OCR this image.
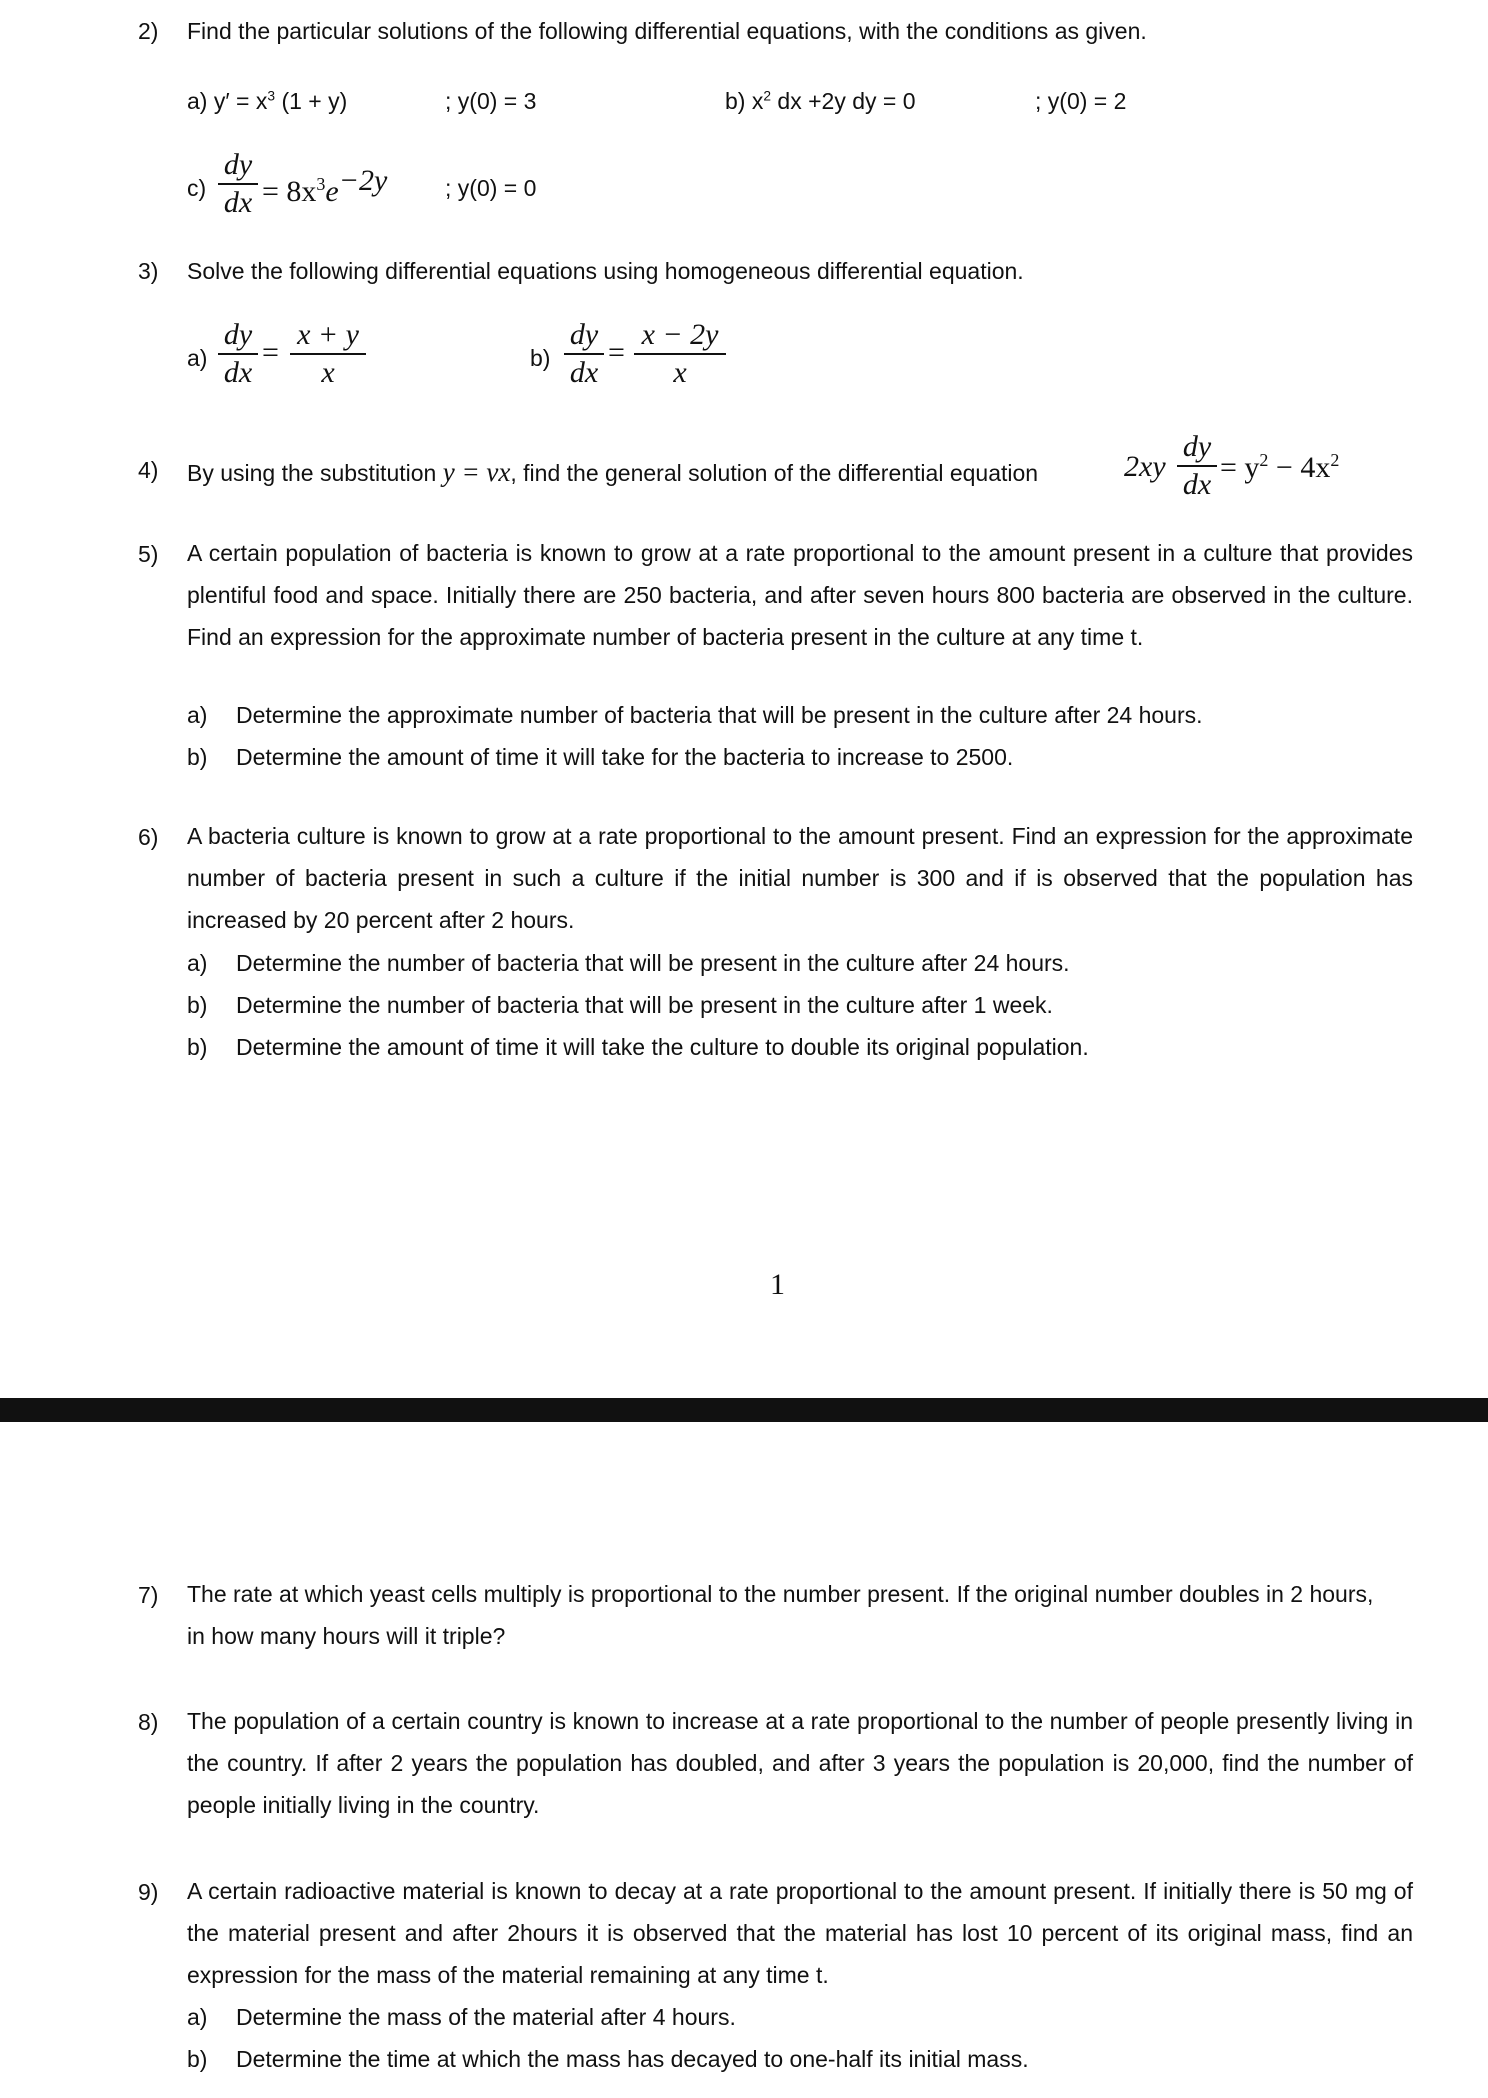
2) Find the particular solutions of the following differential equations, with the conditions as given.
a) $y' = x^3$ (1 + y)	; y(0) = 3	b) $x^2$ dx +2y dy = 0	; y(0) = 2
c)
dy
dx = $8x^3e^{-2y}$	; y(0) = 0
3) Solve the following differential equations using homogeneous differential equation.
a)
dy
dx
=
x + y
x	b)
dy
dx
=
x − 2y
x
4) By using the substitution y = vx, find the general solution of the differential equation	2xy
dy
dx
= $y^2 - 4x^2$
5) A certain population of bacteria is known to grow at a rate proportional to the amount present in a culture that provides plentiful food and space. Initially there are 250 bacteria, and after seven hours 800 bacteria are observed in the culture. Find an expression for the approximate number of bacteria present in the culture at any time t.
a) Determine the approximate number of bacteria that will be present in the culture after 24 hours.
b) Determine the amount of time it will take for the bacteria to increase to 2500.
6) A bacteria culture is known to grow at a rate proportional to the amount present. Find an expression for the approximate number of bacteria present in such a culture if the initial number is 300 and if is observed that the population has increased by 20 percent after 2 hours.
a) Determine the number of bacteria that will be present in the culture after 24 hours.
b) Determine the number of bacteria that will be present in the culture after 1 week.
b) Determine the amount of time it will take the culture to double its original population.
1
7) The rate at which yeast cells multiply is proportional to the number present. If the original number doubles in 2 hours, in how many hours will it triple?
8) The population of a certain country is known to increase at a rate proportional to the number of people presently living in the country. If after 2 years the population has doubled, and after 3 years the population is 20,000, find the number of people initially living in the country.
9) A certain radioactive material is known to decay at a rate proportional to the amount present. If initially there is 50 mg of the material present and after 2hours it is observed that the material has lost 10 percent of its original mass, find an expression for the mass of the material remaining at any time t.
a) Determine the mass of the material after 4 hours.
b) Determine the time at which the mass has decayed to one-half its initial mass.
